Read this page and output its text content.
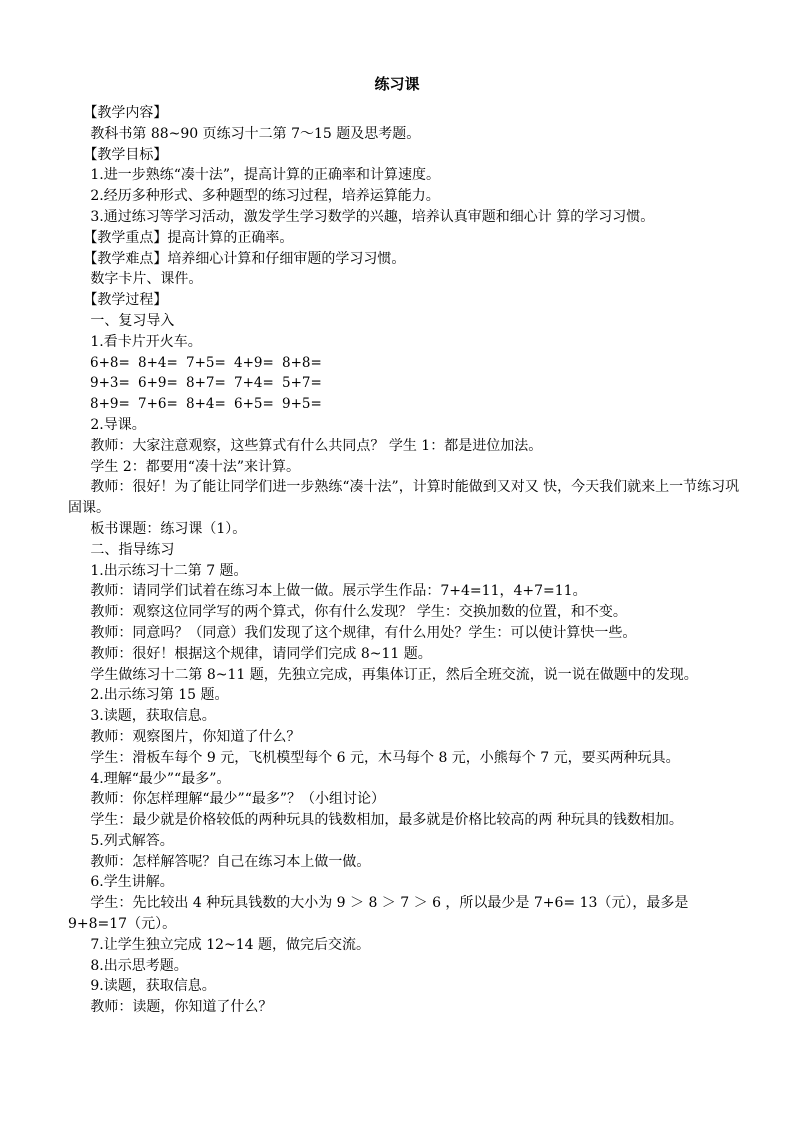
练习课

【教学内容】

教科书第 88~90 页练习十二第 7～15 题及思考题。

【教学目标】

1.进一步熟练“凑十法”，提高计算的正确率和计算速度。

2.经历多种形式、多种题型的练习过程，培养运算能力。

3.通过练习等学习活动，激发学生学习数学的兴趣，培养认真审题和细心计 算的学习习惯。

【教学重点】提高计算的正确率。

【教学难点】培养细心计算和仔细审题的学习习惯。

数字卡片、课件。

【教学过程】

一、复习导入

1.看卡片开火车。

6+8= 8+4= 7+5= 4+9= 8+8=
9+3= 6+9= 8+7= 7+4= 5+7=
8+9= 7+6= 8+4= 6+5= 9+5=

2.导课。

教师：大家注意观察，这些算式有什么共同点？ 学生 1：都是进位加法。

学生 2：都要用“凑十法”来计算。

教师：很好！为了能让同学们进一步熟练“凑十法”，计算时能做到又对又 快，今天我们就来上一节练习巩固课。

板书课题：练习课（1）。

二、指导练习

1.出示练习十二第 7 题。

教师：请同学们试着在练习本上做一做。展示学生作品：7+4=11，4+7=11。

教师：观察这位同学写的两个算式，你有什么发现？ 学生：交换加数的位置，和不变。

教师：同意吗？（同意）我们发现了这个规律，有什么用处？学生：可以使计算快一些。

教师：很好！根据这个规律，请同学们完成 8~11 题。

学生做练习十二第 8~11 题，先独立完成，再集体订正，然后全班交流，说一说在做题中的发现。

2.出示练习第 15 题。

3.读题，获取信息。

教师：观察图片，你知道了什么？

学生：滑板车每个 9 元，飞机模型每个 6 元，木马每个 8 元，小熊每个 7 元，要买两种玩具。

4.理解“最少”“最多”。

教师：你怎样理解“最少”“最多”？（小组讨论）

学生：最少就是价格较低的两种玩具的钱数相加，最多就是价格比较高的两 种玩具的钱数相加。

5.列式解答。

教师：怎样解答呢？自己在练习本上做一做。

6.学生讲解。

学生：先比较出 4 种玩具钱数的大小为 9 ＞ 8 ＞ 7 ＞ 6 ，所以最少是 7+6= 13（元），最多是 9+8=17（元）。

7.让学生独立完成 12~14 题，做完后交流。

8.出示思考题。

9.读题，获取信息。

教师：读题，你知道了什么？
